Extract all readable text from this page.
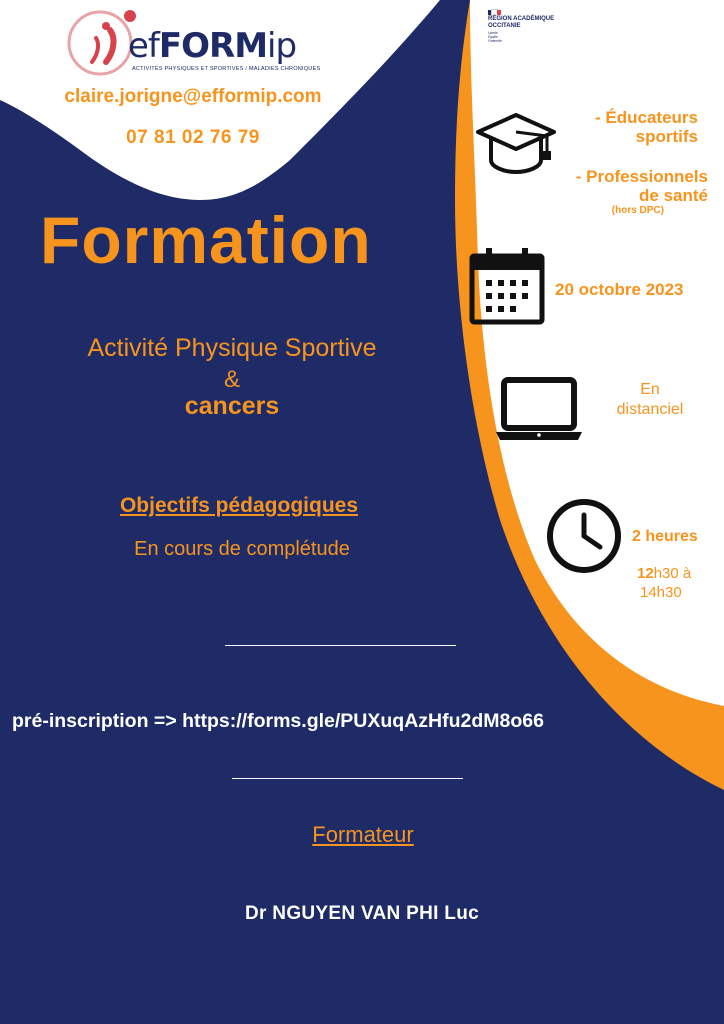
efFORMip
ACTIVITÉS PHYSIQUES ET SPORTIVES / MALADIES CHRONIQUES
RÉGION ACADÉMIQUE
OCCITANIE
Liberté
Égalité
Fraternité
claire.jorigne@efformip.com
07 81 02 76 79
Formation
Activité Physique Sportive
&
cancers
Objectifs pédagogiques
En cours de complétude
pré-inscription => https://forms.gle/PUXuqAzHfu2dM8o66
Formateur
Dr NGUYEN VAN PHI Luc
- Éducateurs
sportifs
- Professionnels
de santé
(hors DPC)
20 octobre 2023
En
distanciel
2 heures
12h30 à
14h30
